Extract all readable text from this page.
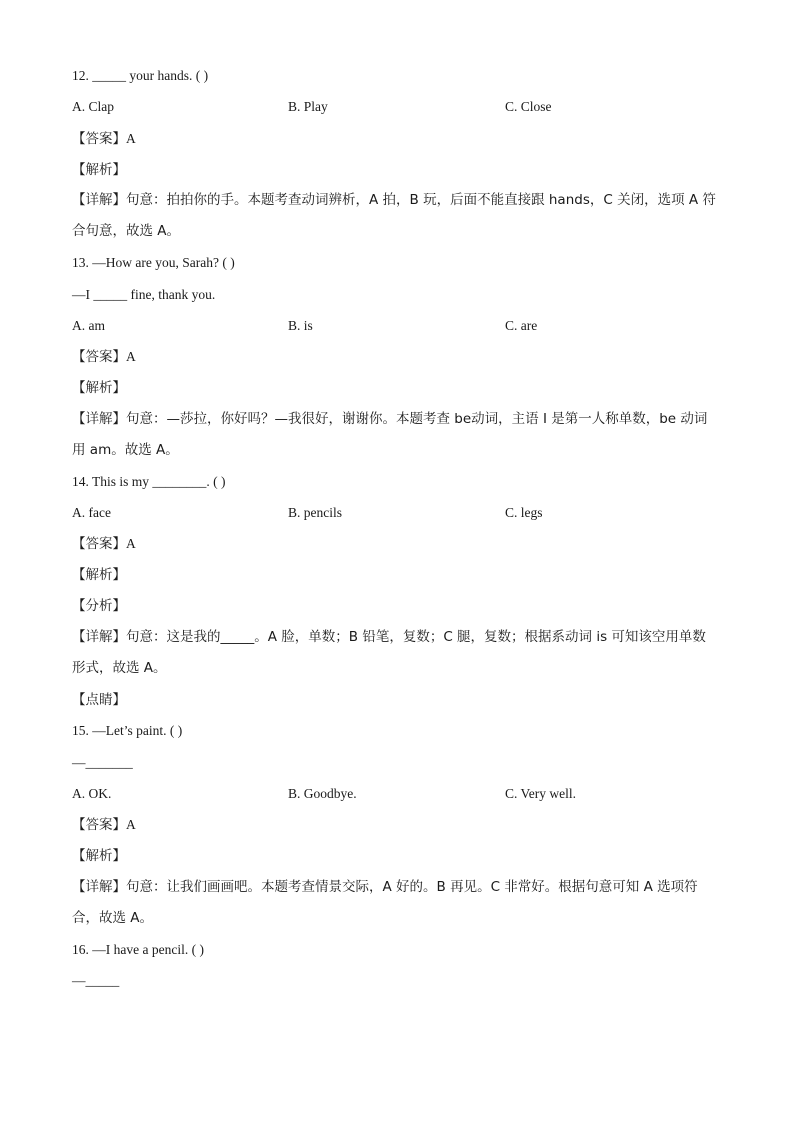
12. _____ your hands. ( )
A. Clap	B. Play	C. Close
【答案】A
【解析】
【详解】句意：拍拍你的手。本题考查动词辨析，A 拍，B 玩，后面不能直接跟 hands，C 关闭，选项 A 符合句意，故选 A。
13. —How are you, Sarah? ( )
—I _____ fine, thank you.
A. am	B. is	C. are
【答案】A
【解析】
【详解】句意：—莎拉，你好吗？—我很好，谢谢你。本题考查 be动词，主语 I 是第一人称单数，be 动词用 am。故选 A。
14. This is my ________. ( )
A. face	B. pencils	C. legs
【答案】A
【解析】
【分析】
【详解】句意：这是我的_____。A 脸，单数；B 铅笔，复数；C 腿，复数；根据系动词 is 可知该空用单数形式，故选 A。
【点睛】
15. —Let’s paint. ( )
—_______
A. OK.	B. Goodbye.	C. Very well.
【答案】A
【解析】
【详解】句意：让我们画画吧。本题考查情景交际，A 好的。B 再见。C 非常好。根据句意可知 A 选项符合，故选 A。
16. —I have a pencil. ( )
—_____
